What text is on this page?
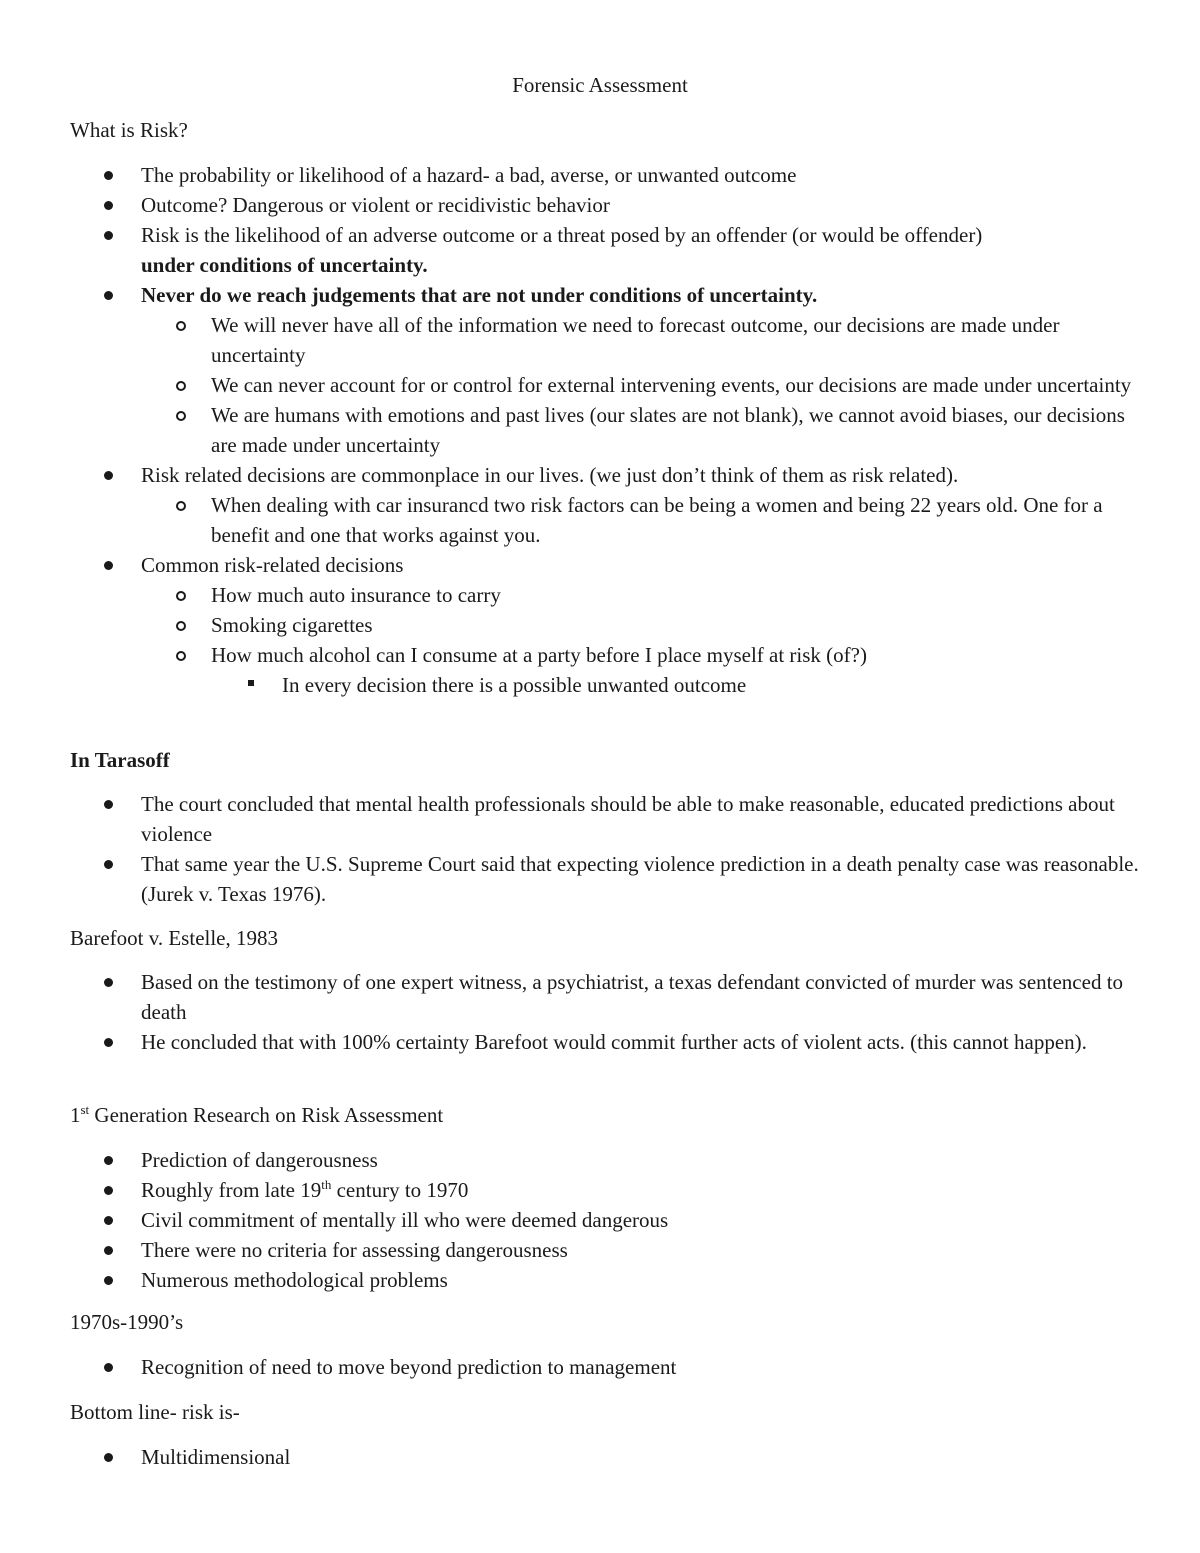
Forensic Assessment
What is Risk?
The probability or likelihood of a hazard- a bad, averse, or unwanted outcome
Outcome? Dangerous or violent or recidivistic behavior
Risk is the likelihood of an adverse outcome or a threat posed by an offender (or would be offender)
under conditions of uncertainty.
Never do we reach judgements that are not under conditions of uncertainty.
We will never have all of the information we need to forecast outcome, our decisions are made under uncertainty
We can never account for or control for external intervening events, our decisions are made under uncertainty
We are humans with emotions and past lives (our slates are not blank), we cannot avoid biases, our decisions are made under uncertainty
Risk related decisions are commonplace in our lives. (we just don’t think of them as risk related).
When dealing with car insurancd two risk factors can be being a women and being 22 years old. One for a benefit and one that works against you.
Common risk-related decisions
How much auto insurance to carry
Smoking cigarettes
How much alcohol can I consume at a party before I place myself at risk (of?)
In every decision there is a possible unwanted outcome
In Tarasoff
The court concluded that mental health professionals should be able to make reasonable, educated predictions about violence
That same year the U.S. Supreme Court said that expecting violence prediction in a death penalty case was reasonable. (Jurek v. Texas 1976).
Barefoot v. Estelle, 1983
Based on the testimony of one expert witness, a psychiatrist, a texas defendant convicted of murder was sentenced to death
He concluded that with 100% certainty Barefoot would commit further acts of violent acts. (this cannot happen).
1st Generation Research on Risk Assessment
Prediction of dangerousness
Roughly from late 19th century to 1970
Civil commitment of mentally ill who were deemed dangerous
There were no criteria for assessing dangerousness
Numerous methodological problems
1970s-1990’s
Recognition of need to move beyond prediction to management
Bottom line- risk is-
Multidimensional
